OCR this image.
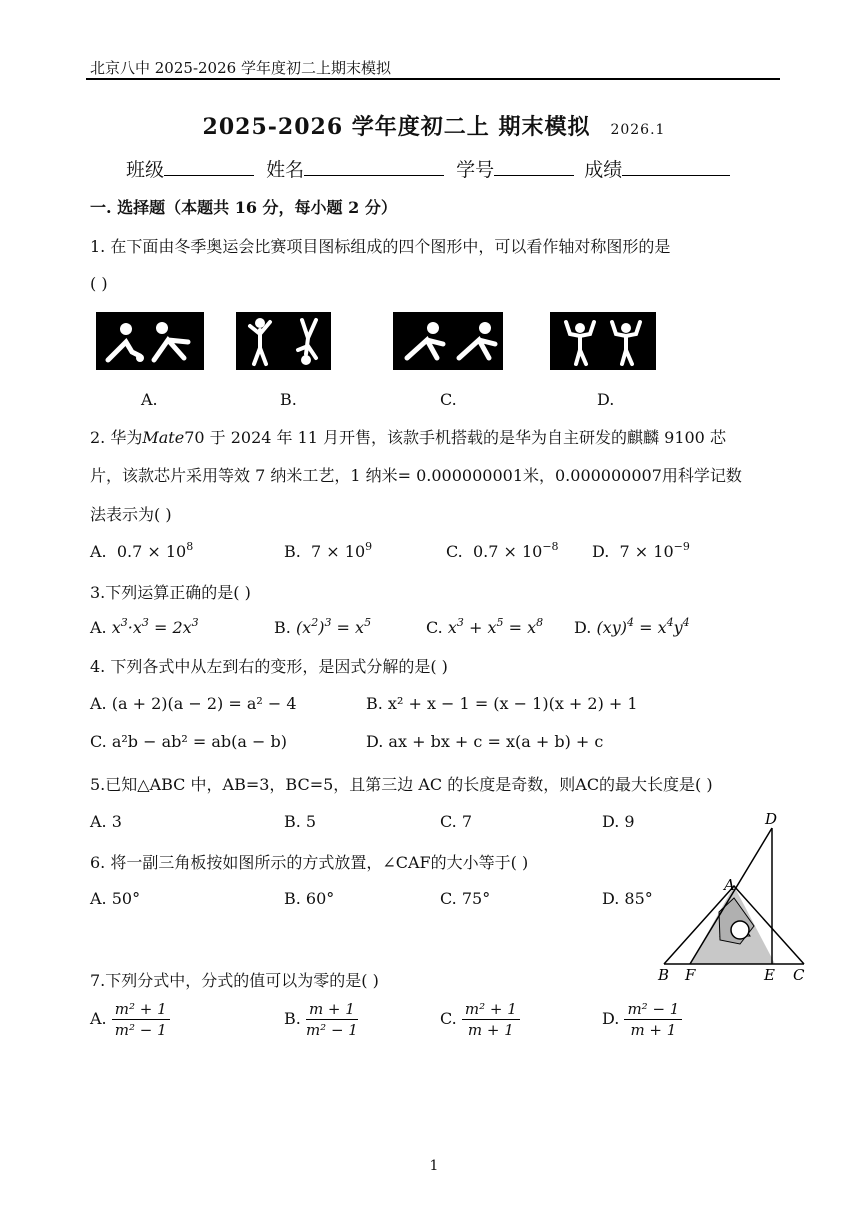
北京八中 2025-2026 学年度初二上期末模拟
2025-2026 学年度初二上 期末模拟 2026.1
班级	姓名	学号	成绩
一. 选择题（本题共 16 分，每小题 2 分）
1. 在下面由冬季奥运会比赛项目图标组成的四个图形中，可以看作轴对称图形的是
( )
A.	B.	C.	D.
2. 华为Mate70 于 2024 年 11 月开售，该款手机搭载的是华为自主研发的麒麟 9100 芯
片，该款芯片采用等效 7 纳米工艺，1 纳米= 0.000000001米，0.000000007用科学记数
法表示为( )
A. $0.7 \times 10^8$	B. $7 \times 10^9$	C. $0.7 \times 10^{-8}$ D. $7 \times 10^{-9}$
3.下列运算正确的是( )
A. $x^3\cdot x^3 = 2x^3$	B. $(x^2)^3 = x^5$	C. $x^3 + x^5 = x^8$ D. $(xy)^4 = x^4y^4$
4. 下列各式中从左到右的变形，是因式分解的是( )
A. (a + 2)(a − 2) = a² − 4	B. x² + x − 1 = (x − 1)(x + 2) + 1
C. a²b − ab² = ab(a − b)	D. ax + bx + c = x(a + b) + c
5.已知△ABC 中，AB=3，BC=5，且第三边 AC 的长度是奇数，则AC的最大长度是( )
A. 3	B. 5	C. 7	D. 9
6. 将一副三角板按如图所示的方式放置，∠CAF的大小等于( )
A. 50°	B. 60°	C. 75°	D. 85°
D
A
B F	E C
7.下列分式中，分式的值可以为零的是( )
A. $\frac{\text{m² + 1}}{\text{m² − 1}}$	B. $\frac{m + 1}{\text{m² − 1}}$	C. $\frac{\text{m² + 1}}{m + 1}$	D. $\frac{\text{m² − 1}}{m + 1}$
1
